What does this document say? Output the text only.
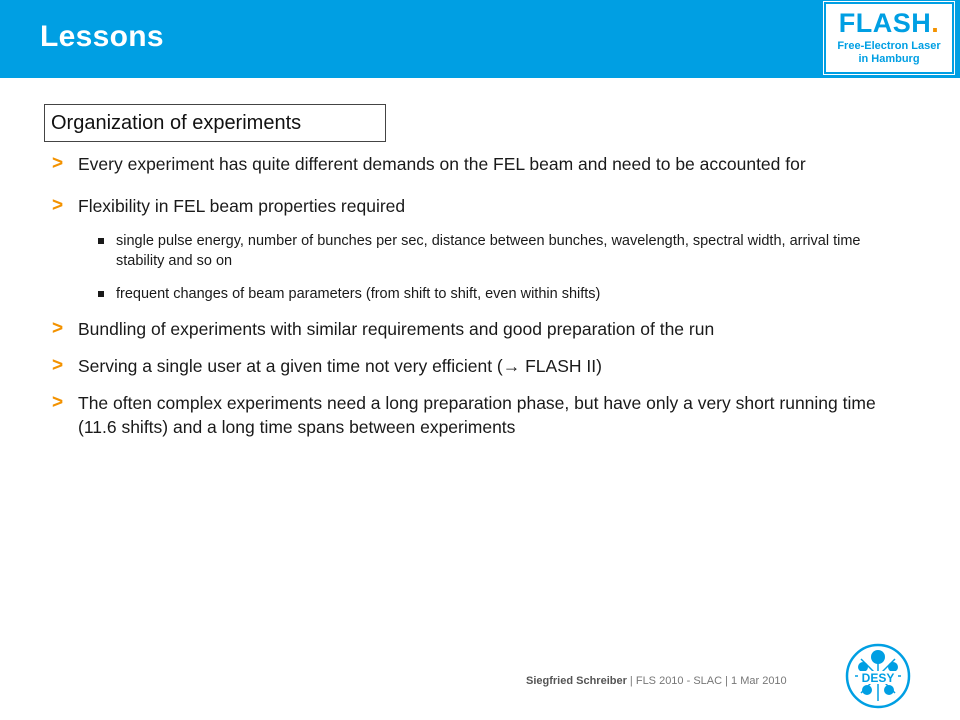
Lessons	FLASH.
Free-Electron Laser
in Hamburg
Organization of experiments
> Every experiment has quite different demands on the FEL beam and need to be accounted for
> Flexibility in FEL beam properties required
single pulse energy, number of bunches per sec, distance between bunches, wavelength, spectral width, arrival time stability and so on
frequent changes of beam parameters (from shift to shift, even within shifts)
> Bundling of experiments with similar requirements and good preparation of the run
> Serving a single user at a given time not very efficient (→ FLASH II)
> The often complex experiments need a long preparation phase, but have only a very short running time (11.6 shifts) and a long time spans between experiments
Siegfried Schreiber | FLS 2010 - SLAC | 1 Mar 2010	DESY
